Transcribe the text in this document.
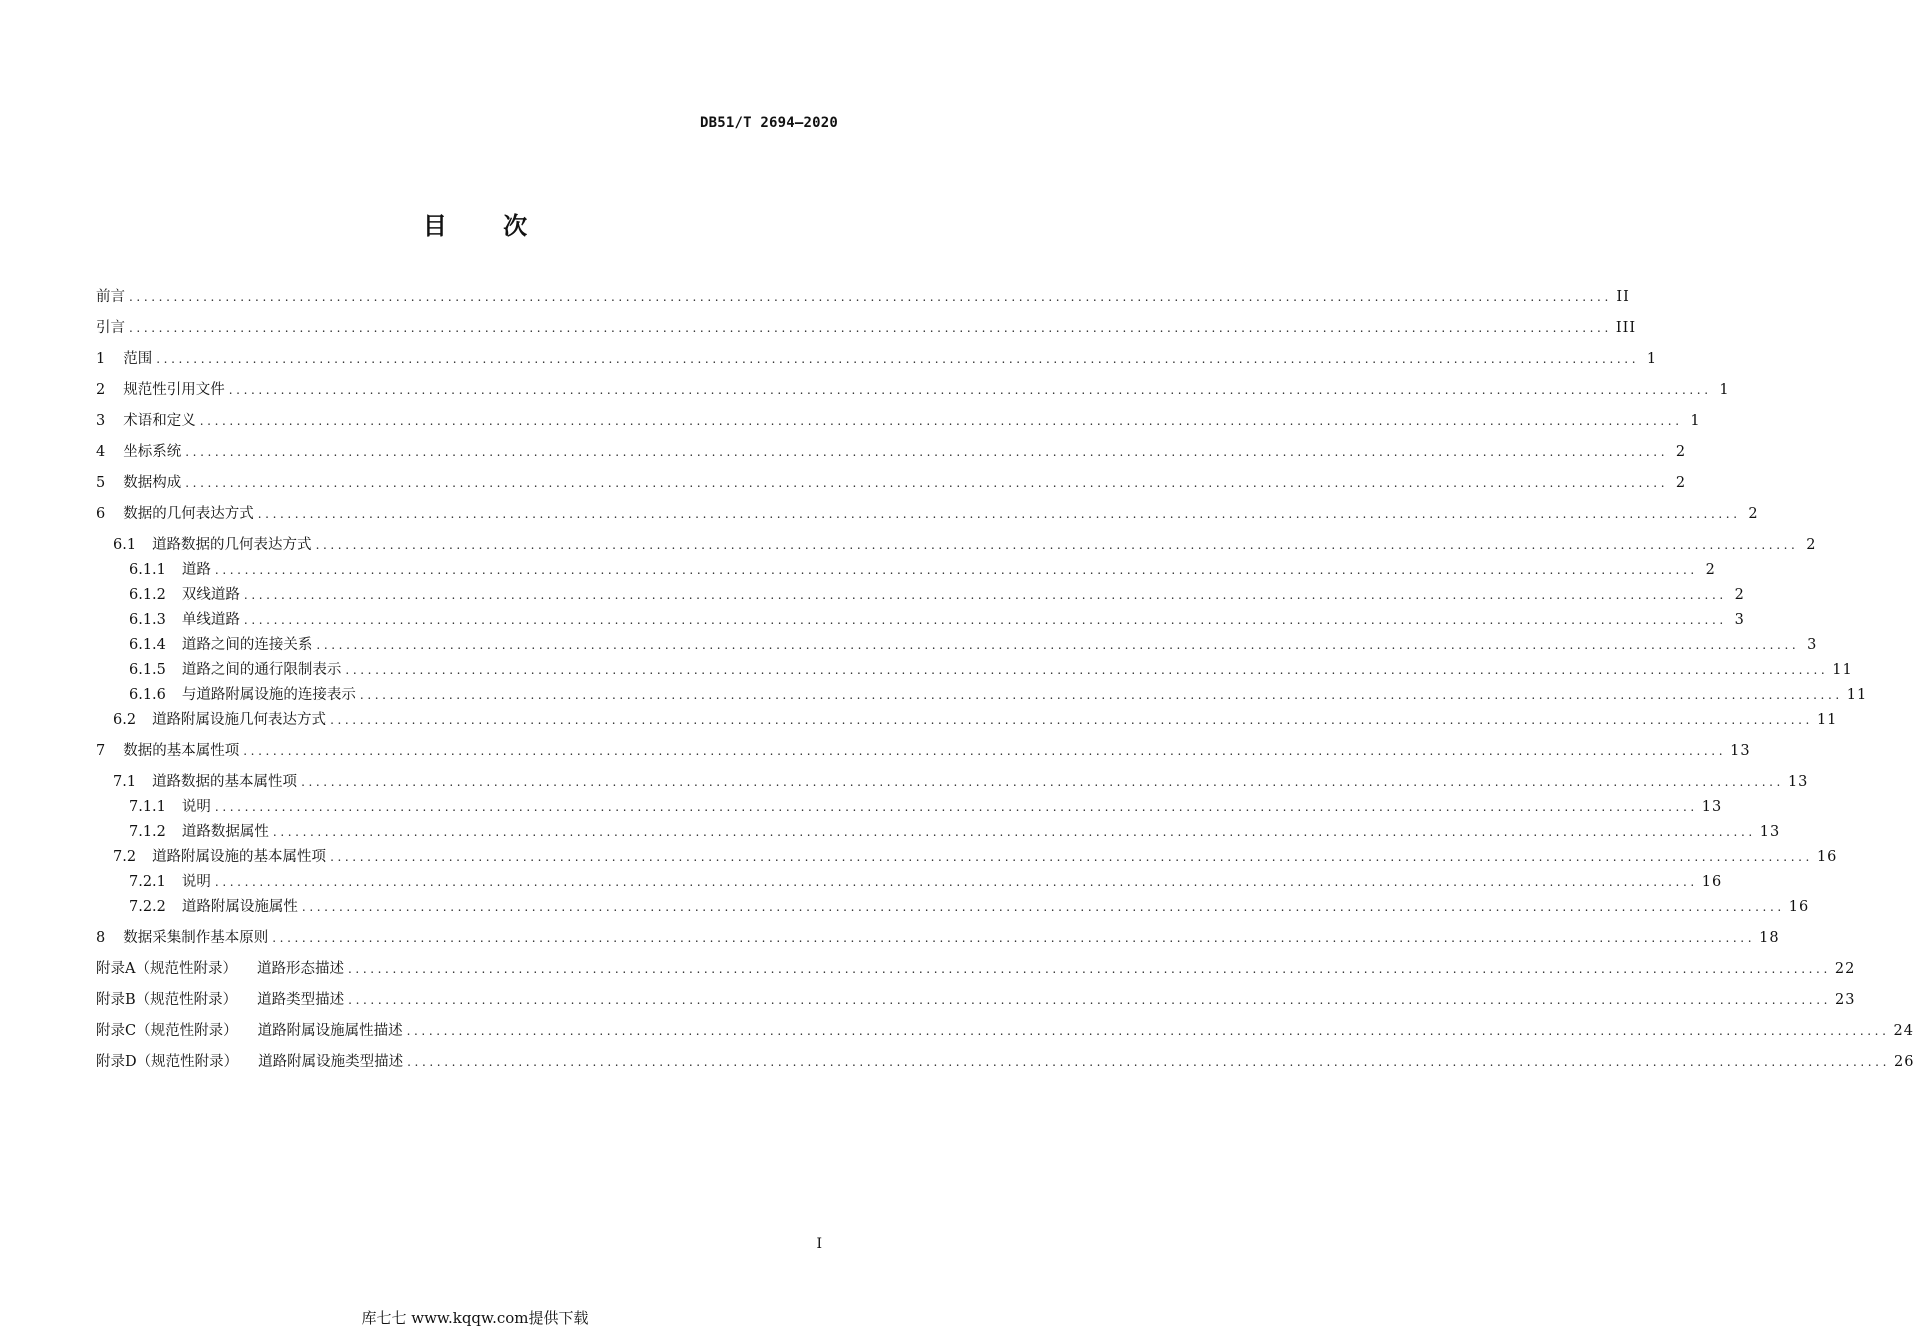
DB51/T 2694—2020
目 次
前言 ........................................................................................................................................................................................................ II
引言 ........................................................................................................................................................................................................ III
1 范围 ........................................................................................................................................................................................................ 1
2 规范性引用文件 ........................................................................................................................................................................................................ 1
3 术语和定义 ........................................................................................................................................................................................................ 1
4 坐标系统 ........................................................................................................................................................................................................ 2
5 数据构成 ........................................................................................................................................................................................................ 2
6 数据的几何表达方式 ........................................................................................................................................................................................................ 2
6.1 道路数据的几何表达方式 ........................................................................................................................................................................................................ 2
6.1.1 道路 ........................................................................................................................................................................................................ 2
6.1.2 双线道路 ........................................................................................................................................................................................................ 2
6.1.3 单线道路 ........................................................................................................................................................................................................ 3
6.1.4 道路之间的连接关系 ........................................................................................................................................................................................................ 3
6.1.5 道路之间的通行限制表示 ........................................................................................................................................................................................................ 11
6.1.6 与道路附属设施的连接表示 ........................................................................................................................................................................................................ 11
6.2 道路附属设施几何表达方式 ........................................................................................................................................................................................................ 11
7 数据的基本属性项 ........................................................................................................................................................................................................ 13
7.1 道路数据的基本属性项 ........................................................................................................................................................................................................ 13
7.1.1 说明 ........................................................................................................................................................................................................ 13
7.1.2 道路数据属性 ........................................................................................................................................................................................................ 13
7.2 道路附属设施的基本属性项 ........................................................................................................................................................................................................ 16
7.2.1 说明 ........................................................................................................................................................................................................ 16
7.2.2 道路附属设施属性 ........................................................................................................................................................................................................ 16
8 数据采集制作基本原则 ........................................................................................................................................................................................................ 18
附录A（规范性附录） 道路形态描述 ........................................................................................................................................................................................................ 22
附录B（规范性附录） 道路类型描述 ........................................................................................................................................................................................................ 23
附录C（规范性附录） 道路附属设施属性描述 ........................................................................................................................................................................................................ 24
附录D（规范性附录） 道路附属设施类型描述 ........................................................................................................................................................................................................ 26
I
库七七 www.kqqw.com提供下载
